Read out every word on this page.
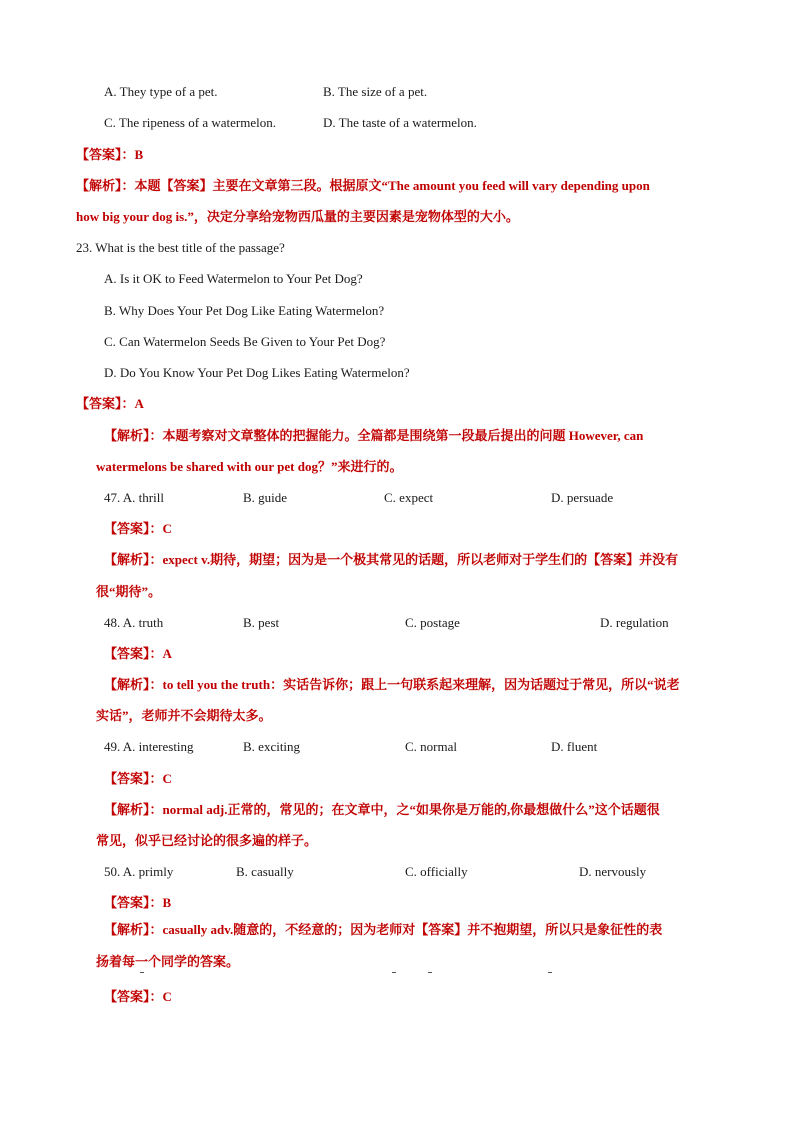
A. They type of a pet.	B. The size of a pet.
C. The ripeness of a watermelon.	D. The taste of a watermelon.
【答案】：B
【解析】：本题【答案】主要在文章第三段。根据原文“The amount you feed will vary depending upon
how big your dog is.”，决定分享给宠物西瓜量的主要因素是宠物体型的大小。
23. What is the best title of the passage?
A. Is it OK to Feed Watermelon to Your Pet Dog?
B. Why Does Your Pet Dog Like Eating Watermelon?
C. Can Watermelon Seeds Be Given to Your Pet Dog?
D. Do You Know Your Pet Dog Likes Eating Watermelon?
【答案】：A
【解析】：本题考察对文章整体的把握能力。全篇都是围绕第一段最后提出的问题 However, can
watermelons be shared with our pet dog？”来进行的。
47. A. thrill	B. guide	C. expect	D. persuade
【答案】：C
【解析】：expect v.期待，期望；因为是一个极其常见的话题，所以老师对于学生们的【答案】并没有
很“期待”。
48. A. truth	B. pest	C. postage	D. regulation
【答案】：A
【解析】：to tell you the truth：实话告诉你；跟上一句联系起来理解，因为话题过于常见，所以“说老
实话”，老师并不会期待太多。
49. A. interesting	B. exciting	C. normal	D. fluent
【答案】：C
【解析】：normal adj.正常的，常见的；在文章中，之“如果你是万能的,你最想做什么”这个话题很
常见，似乎已经讨论的很多遍的样子。
50. A. primly	B. casually	C. officially	D. nervously
【答案】：B
【解析】：casually adv.随意的，不经意的；因为老师对【答案】并不抱期望，所以只是象征性的表
扬着每一个同学的答案。
【答案】：C
